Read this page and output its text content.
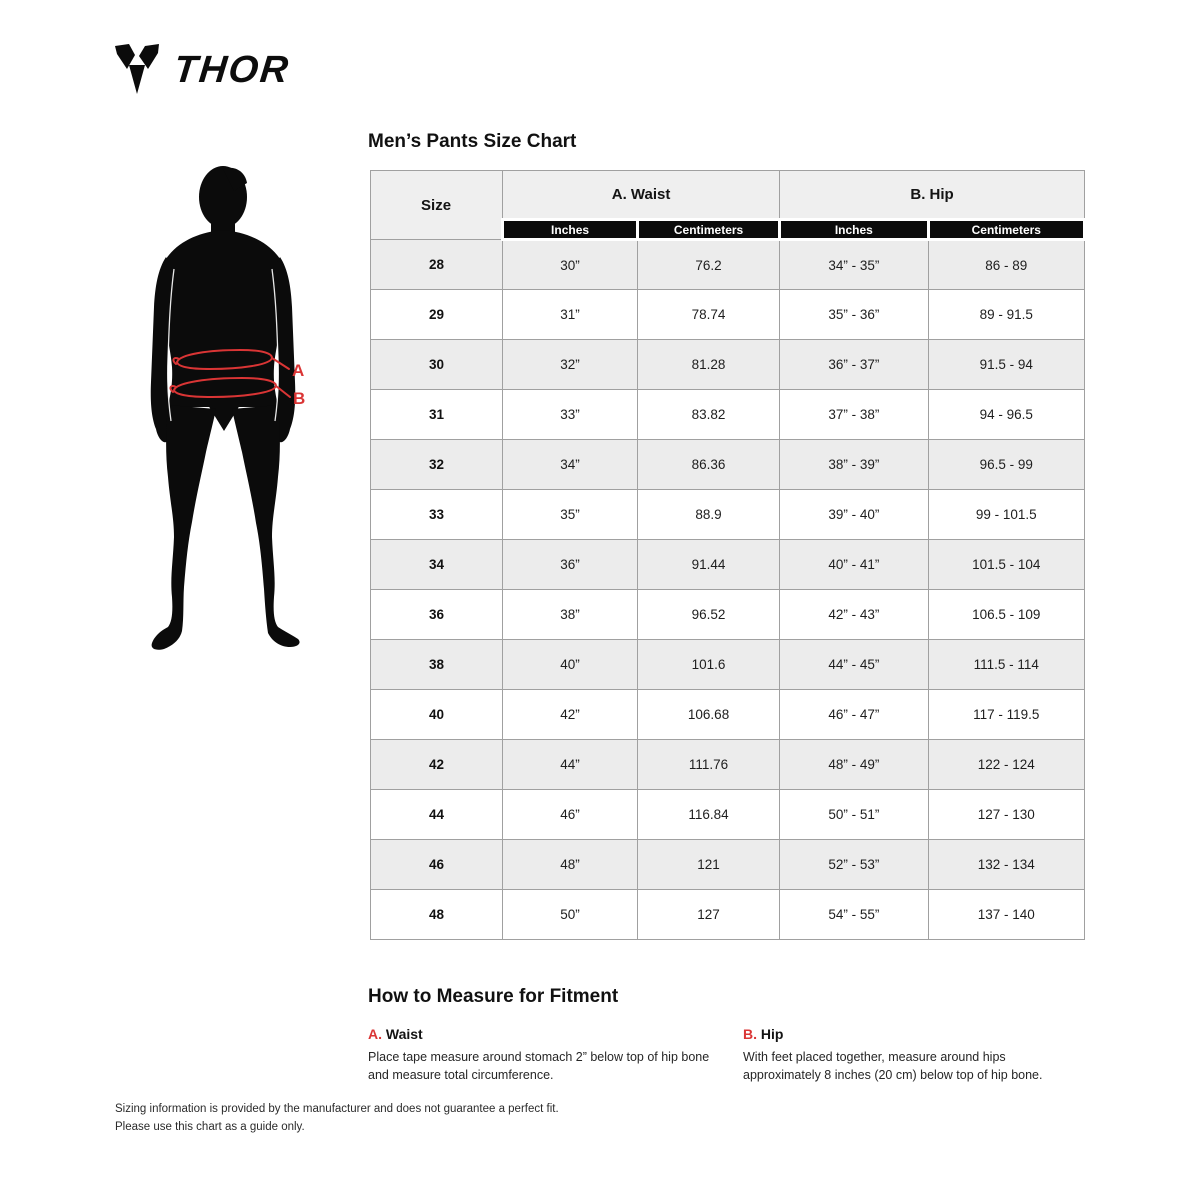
THOR
A
B
Men’s Pants Size Chart
Size	A. Waist		B. Hip	
	Inches	Centimeters	Inches	Centimeters
28	30”	76.2	34” - 35”	86 - 89
29	31”	78.74	35” - 36”	89 - 91.5
30	32”	81.28	36” - 37”	91.5 - 94
31	33”	83.82	37” - 38”	94 - 96.5
32	34”	86.36	38” - 39”	96.5 - 99
33	35”	88.9	39” - 40”	99 - 101.5
34	36”	91.44	40” - 41”	101.5 - 104
36	38”	96.52	42” - 43”	106.5 - 109
38	40”	101.6	44” - 45”	111.5 - 114
40	42”	106.68	46” - 47”	117 - 119.5
42	44”	111.76	48” - 49”	122 - 124
44	46”	116.84	50” - 51”	127 - 130
46	48”	121	52” - 53”	132 - 134
48	50”	127	54” - 55”	137 - 140
How to Measure for Fitment
A. Waist
Place tape measure around stomach 2” below top of hip bone and measure total circumference.
B. Hip
With feet placed together, measure around hips approximately 8 inches (20 cm) below top of hip bone.
Sizing information is provided by the manufacturer and does not guarantee a perfect fit.
Please use this chart as a guide only.
